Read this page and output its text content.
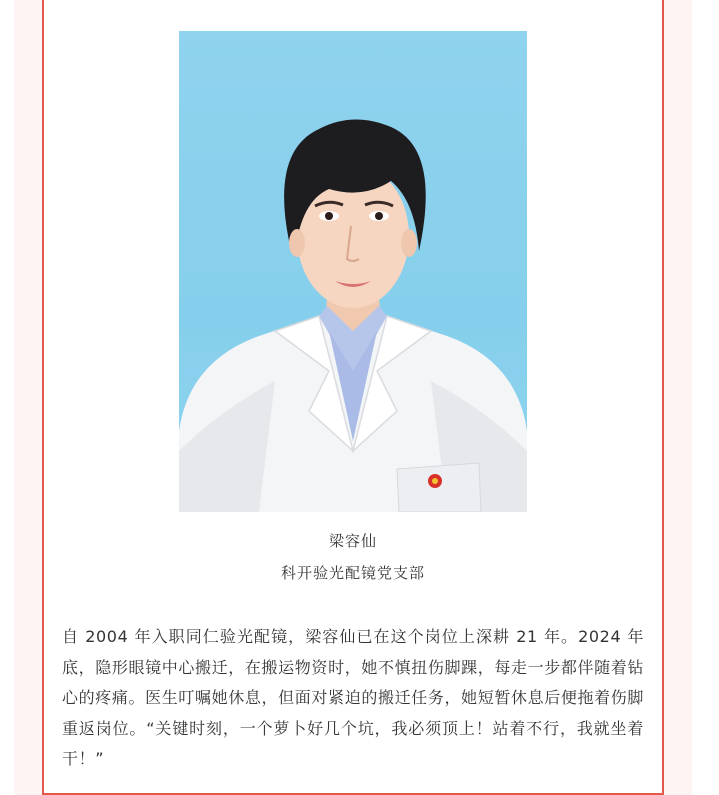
梁容仙
科开验光配镜党支部

自 2004 年入职同仁验光配镜，梁容仙已在这个岗位上深耕 21 年。2024 年底，隐形眼镜中心搬迁，在搬运物资时，她不慎扭伤脚踝，每走一步都伴随着钻心的疼痛。医生叮嘱她休息，但面对紧迫的搬迁任务，她短暂休息后便拖着伤脚重返岗位。“关键时刻，一个萝卜好几个坑，我必须顶上！站着不行，我就坐着干！”
